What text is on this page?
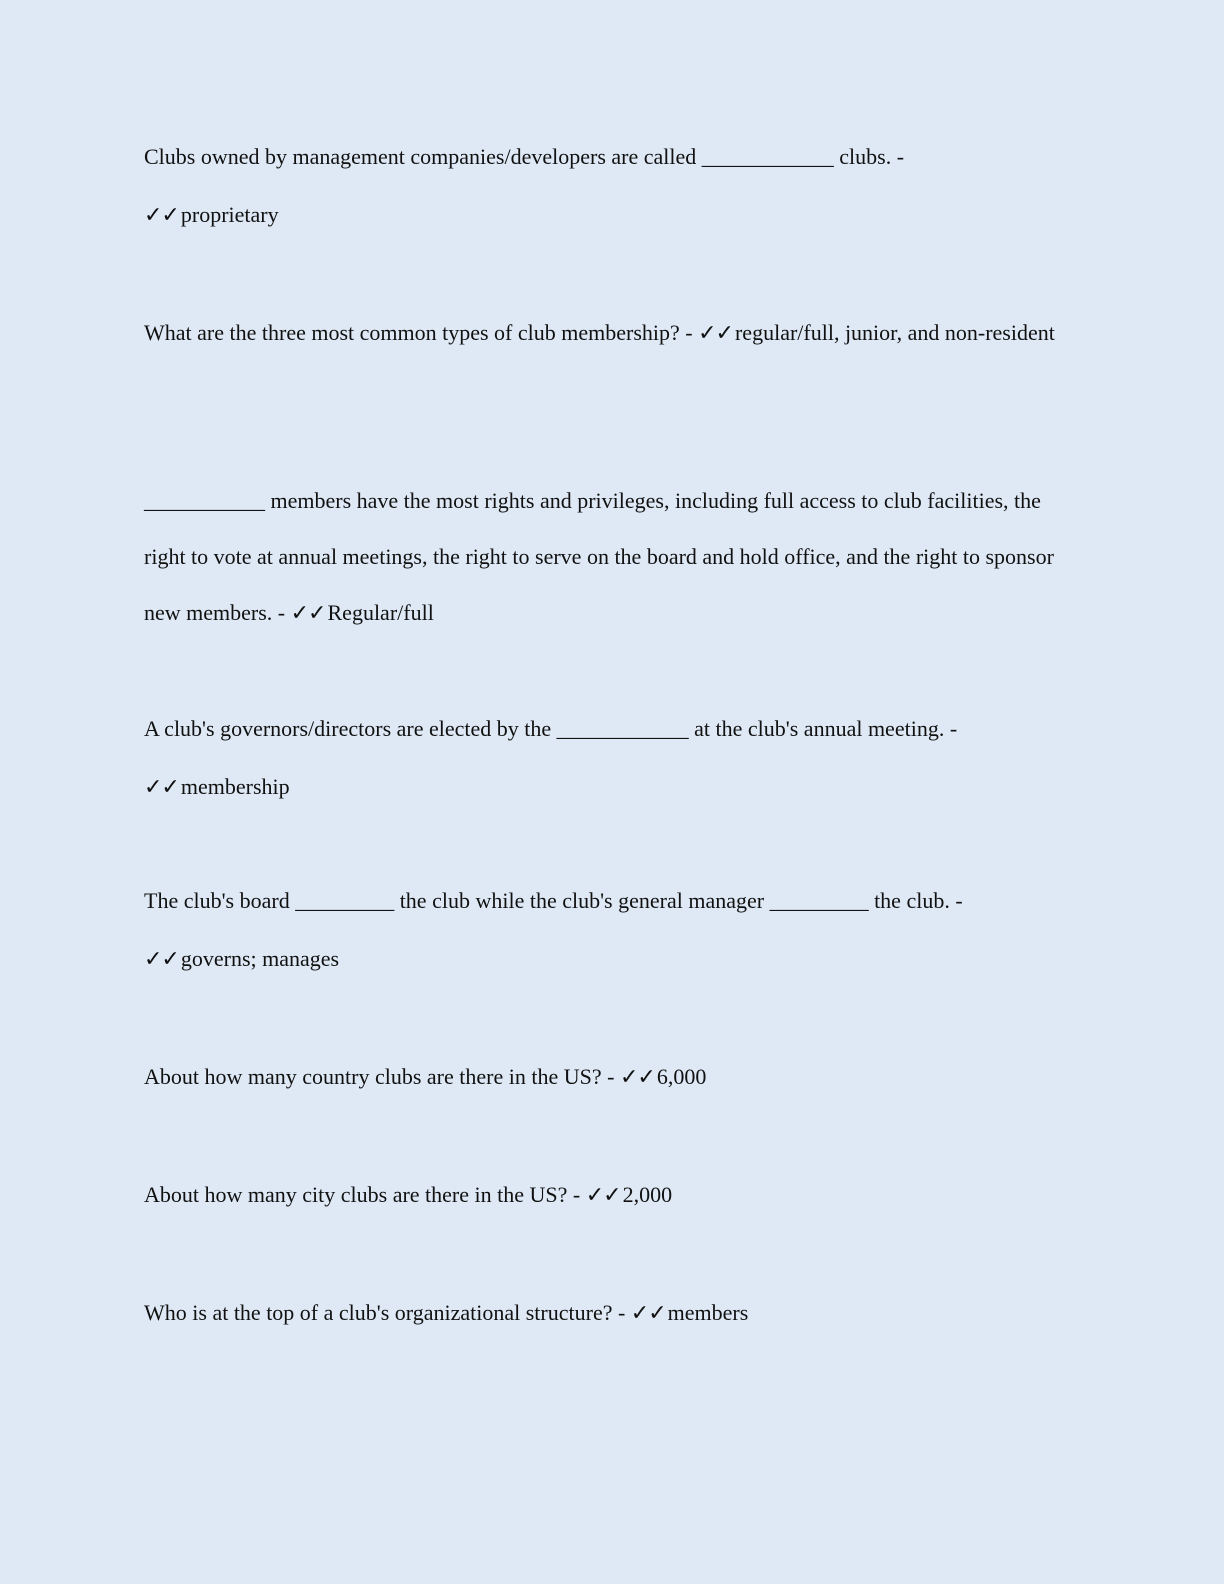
Clubs owned by management companies/developers are called ____________ clubs. -
✓✓proprietary

What are the three most common types of club membership? - ✓✓regular/full, junior, and non-resident

___________ members have the most rights and privileges, including full access to club facilities, the right to vote at annual meetings, the right to serve on the board and hold office, and the right to sponsor new members. - ✓✓Regular/full

A club's governors/directors are elected by the ____________ at the club's annual meeting. -
✓✓membership

The club's board _________ the club while the club's general manager _________ the club. -
✓✓governs; manages

About how many country clubs are there in the US? - ✓✓6,000

About how many city clubs are there in the US? - ✓✓2,000

Who is at the top of a club's organizational structure? - ✓✓members
